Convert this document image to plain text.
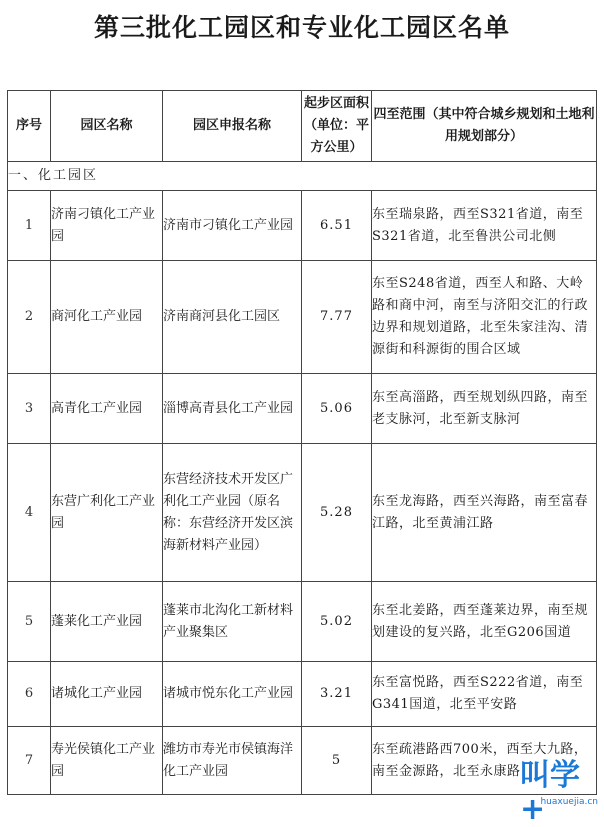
第三批化工园区和专业化工园区名单
序号	园区名称	园区申报名称	起步区面积（单位：平方公里）	四至范围（其中符合城乡规划和土地利用规划部分）
一、化工园区				
1	济南刁镇化工产业园	济南市刁镇化工产业园	6.51	东至瑞泉路，西至S321省道，南至S321省道，北至鲁洪公司北侧
2	商河化工产业园	济南商河县化工园区	7.77	东至S248省道，西至人和路、大岭路和商中河，南至与济阳交汇的行政边界和规划道路，北至朱家洼沟、清源街和科源街的围合区域
3	高青化工产业园	淄博高青县化工产业园	5.06	东至高淄路，西至规划纵四路，南至老支脉河，北至新支脉河
4	东营广利化工产业园	东营经济技术开发区广利化工产业园（原名称：东营经济开发区滨海新材料产业园）	5.28	东至龙海路，西至兴海路，南至富春江路，北至黄浦江路
5	蓬莱化工产业园	蓬莱市北沟化工新材料产业聚集区	5.02	东至北姜路，西至蓬莱边界，南至规划建设的复兴路，北至G206国道
6	诸城化工产业园	诸城市悦东化工产业园	3.21	东至富悦路，西至S222省道，南至G341国道，北至平安路
7	寿光侯镇化工产业园	潍坊市寿光市侯镇海洋化工产业园	5	东至疏港路西700米，西至大九路，南至金源路，北至永康路 叫学+
huaxuejia.cn
